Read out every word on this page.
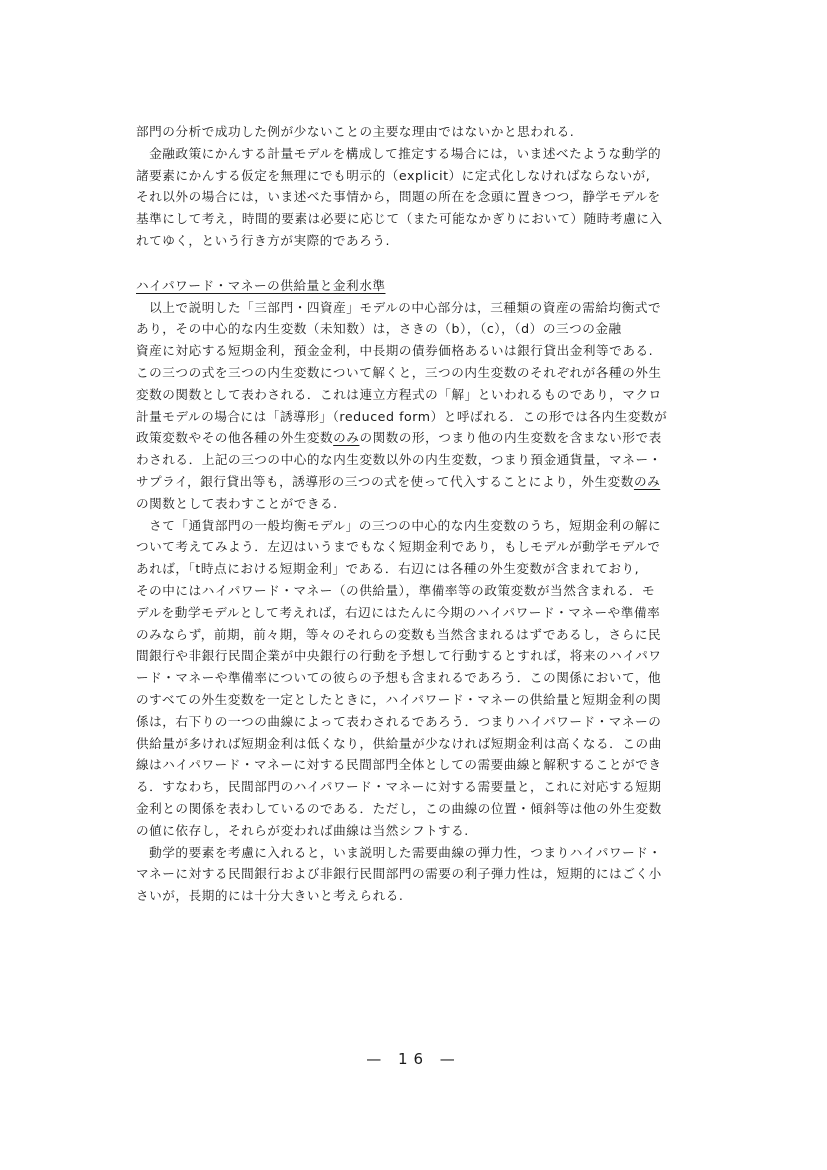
部門の分析で成功した例が少ないことの主要な理由ではないかと思われる.
　金融政策にかんする計量モデルを構成して推定する場合には，いま述べたような動学的
諸要素にかんする仮定を無理にでも明示的（explicit）に定式化しなければならないが,
それ以外の場合には，いま述べた事情から，問題の所在を念頭に置きつつ，静学モデルを
基準にして考え，時間的要素は必要に応じて（また可能なかぎりにおいて）随時考慮に入
れてゆく，という行き方が実際的であろう.
ハイパワード・マネーの供給量と金利水準
　以上で説明した「三部門・四資産」モデルの中心部分は，三種類の資産の需給均衡式で
あり，その中心的な内生変数（未知数）は，さきの（b），（c），（d）の三つの金融
資産に対応する短期金利，預金金利，中長期の債券価格あるいは銀行貸出金利等である.
この三つの式を三つの内生変数について解くと，三つの内生変数のそれぞれが各種の外生
変数の関数として表わされる．これは連立方程式の「解」といわれるものであり，マクロ
計量モデルの場合には「誘導形」（reduced form）と呼ばれる．この形では各内生変数が
政策変数やその他各種の外生変数のみの関数の形，つまり他の内生変数を含まない形で表
わされる．上記の三つの中心的な内生変数以外の内生変数，つまり預金通貨量，マネー・
サプライ，銀行貸出等も，誘導形の三つの式を使って代入することにより，外生変数のみ
の関数として表わすことができる.
　さて「通貨部門の一般均衡モデル」の三つの中心的な内生変数のうち，短期金利の解に
ついて考えてみよう．左辺はいうまでもなく短期金利であり，もしモデルが動学モデルで
あれば，「t時点における短期金利」である．右辺には各種の外生変数が含まれており,
その中にはハイパワード・マネー（の供給量），準備率等の政策変数が当然含まれる．モ
デルを動学モデルとして考えれば，右辺にはたんに今期のハイパワード・マネーや準備率
のみならず，前期，前々期，等々のそれらの変数も当然含まれるはずであるし，さらに民
間銀行や非銀行民間企業が中央銀行の行動を予想して行動するとすれば，将来のハイパワ
ード・マネーや準備率についての彼らの予想も含まれるであろう．この関係において，他
のすべての外生変数を一定としたときに，ハイパワード・マネーの供給量と短期金利の関
係は，右下りの一つの曲線によって表わされるであろう．つまりハイパワード・マネーの
供給量が多ければ短期金利は低くなり，供給量が少なければ短期金利は高くなる．この曲
線はハイパワード・マネーに対する民間部門全体としての需要曲線と解釈することができ
る．すなわち，民間部門のハイパワード・マネーに対する需要量と，これに対応する短期
金利との関係を表わしているのである．ただし，この曲線の位置・傾斜等は他の外生変数
の値に依存し，それらが変われば曲線は当然シフトする.
　動学的要素を考慮に入れると，いま説明した需要曲線の弾力性，つまりハイパワード・
マネーに対する民間銀行および非銀行民間部門の需要の利子弾力性は，短期的にはごく小
さいが，長期的には十分大きいと考えられる.
— 16 —
